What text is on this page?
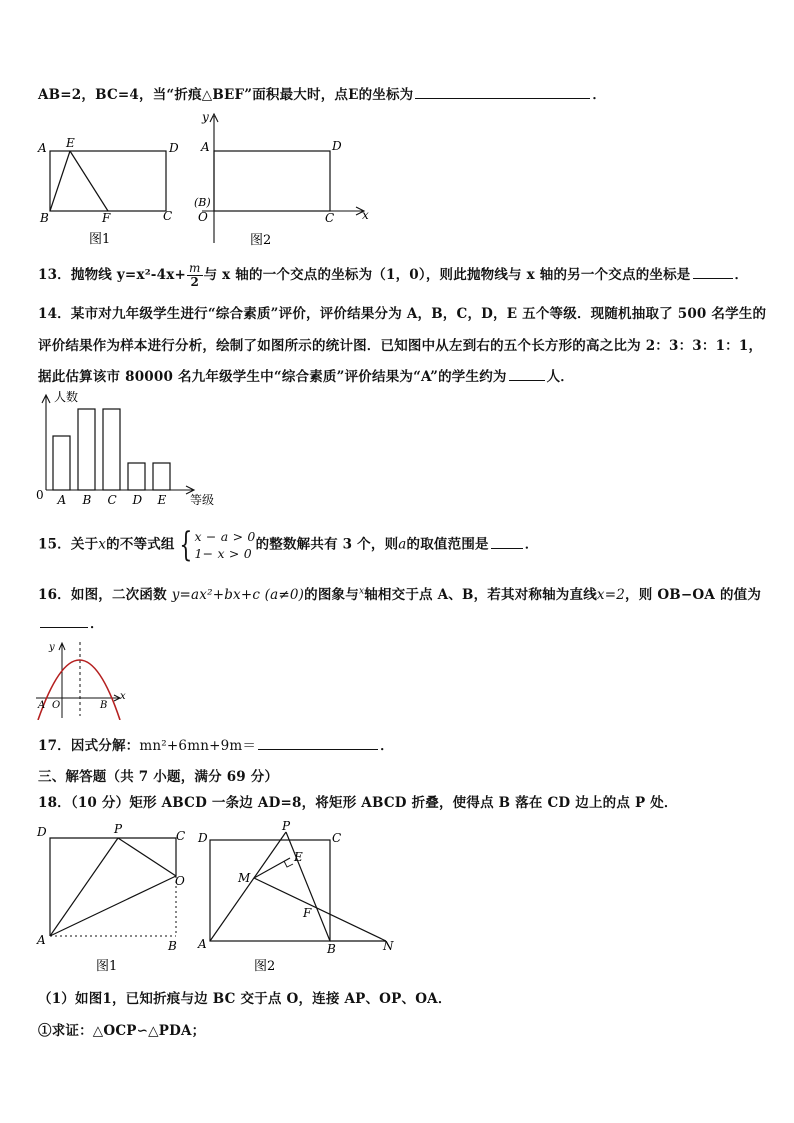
AB=2，BC=4，当“折痕△BEF”面积最大时，点E的坐标为	．
A E	D
B	F	C
图1
y
A	D
(B)
O	C x
图2
13．抛物线 $y=x^2-4x+ \frac{m}{2}$ 与 x 轴的一个交点的坐标为（1，0），则此抛物线与 x 轴的另一个交点的坐标是	．
14．某市对九年级学生进行“综合素质”评价，评价结果分为 A，B，C，D，E 五个等级．现随机抽取了 500 名学生的
评价结果作为样本进行分析，绘制了如图所示的统计图．已知图中从左到右的五个长方形的高之比为 2：3：3：1：1，
据此估算该市 80000 名九年级学生中“综合素质”评价结果为“A”的学生约为	人．
人数
等级
0 A B C D E
15．关于x的不等式组 { x − a > 0
1− x > 0
的整数解共有 3 个，则a的取值范围是	．
16．如图，二次函数 y=ax²+bx+c (a≠0)的图象与$^x$轴相交于点 A、B，若其对称轴为直线x=2，则 OB−OA 的值为
．
y
x
A O	B
17．因式分解：mn²+6mn+9m＝	．
三、解答题（共 7 小题，满分 69 分）
18．（10 分）矩形 ABCD 一条边 AD=8，将矩形 ABCD 折叠，使得点 B 落在 CD 边上的点 P 处．
D	P	C
O
A	B
图1
D
P
C
E
M
F
A	B	N
图2
（1）如图1，已知折痕与边 BC 交于点 O，连接 AP、OP、OA．
①求证：△OCP∽△PDA；
